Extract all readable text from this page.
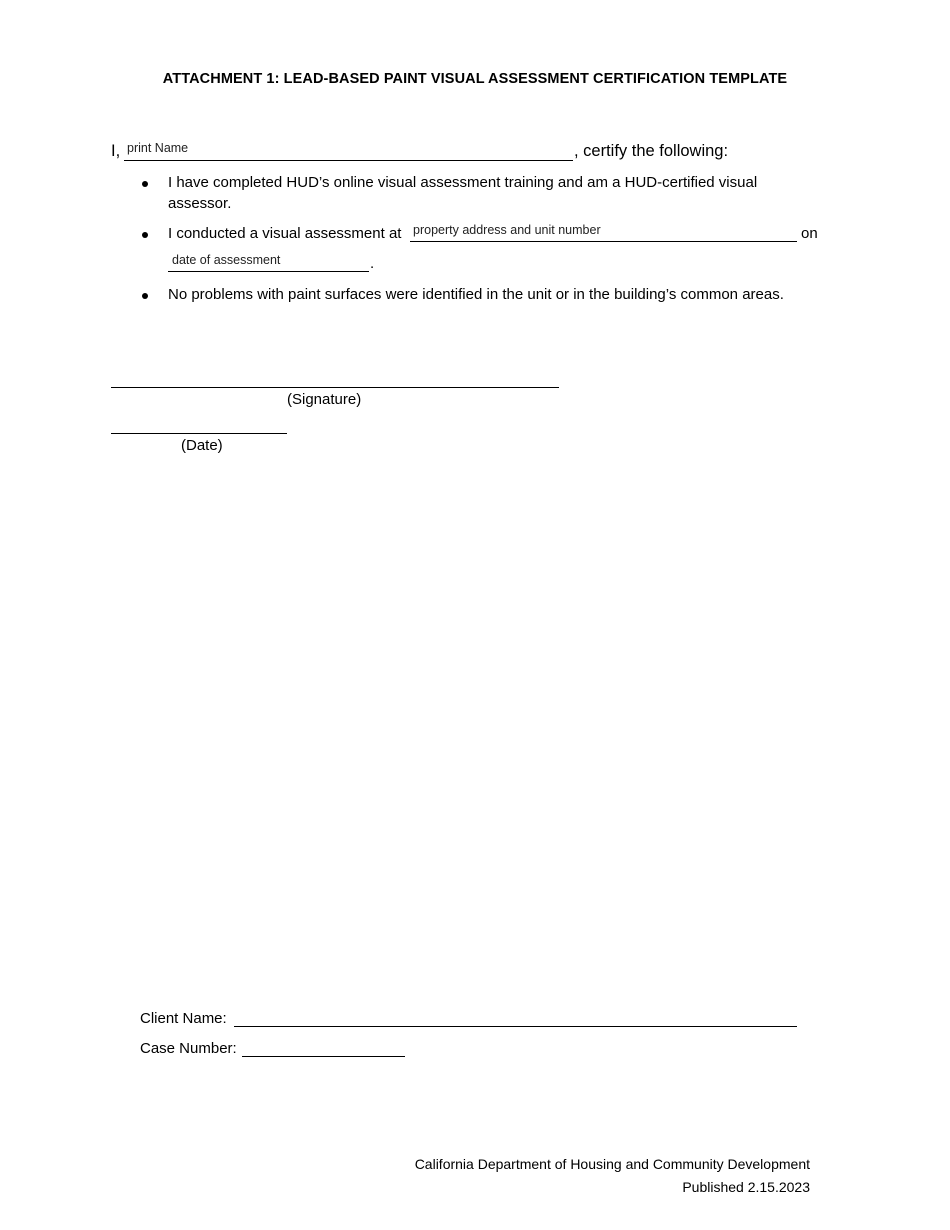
ATTACHMENT 1: LEAD-BASED PAINT VISUAL ASSESSMENT CERTIFICATION TEMPLATE
I, print Name	, certify the following:
I have completed HUD’s online visual assessment training and am a HUD-certified visual
assessor.
I conducted a visual assessment at property address and unit number	on
date of assessment	.
No problems with paint surfaces were identified in the unit or in the building’s common areas.
(Signature)
(Date)
Client Name:
Case Number:
California Department of Housing and Community Development
Published 2.15.2023
